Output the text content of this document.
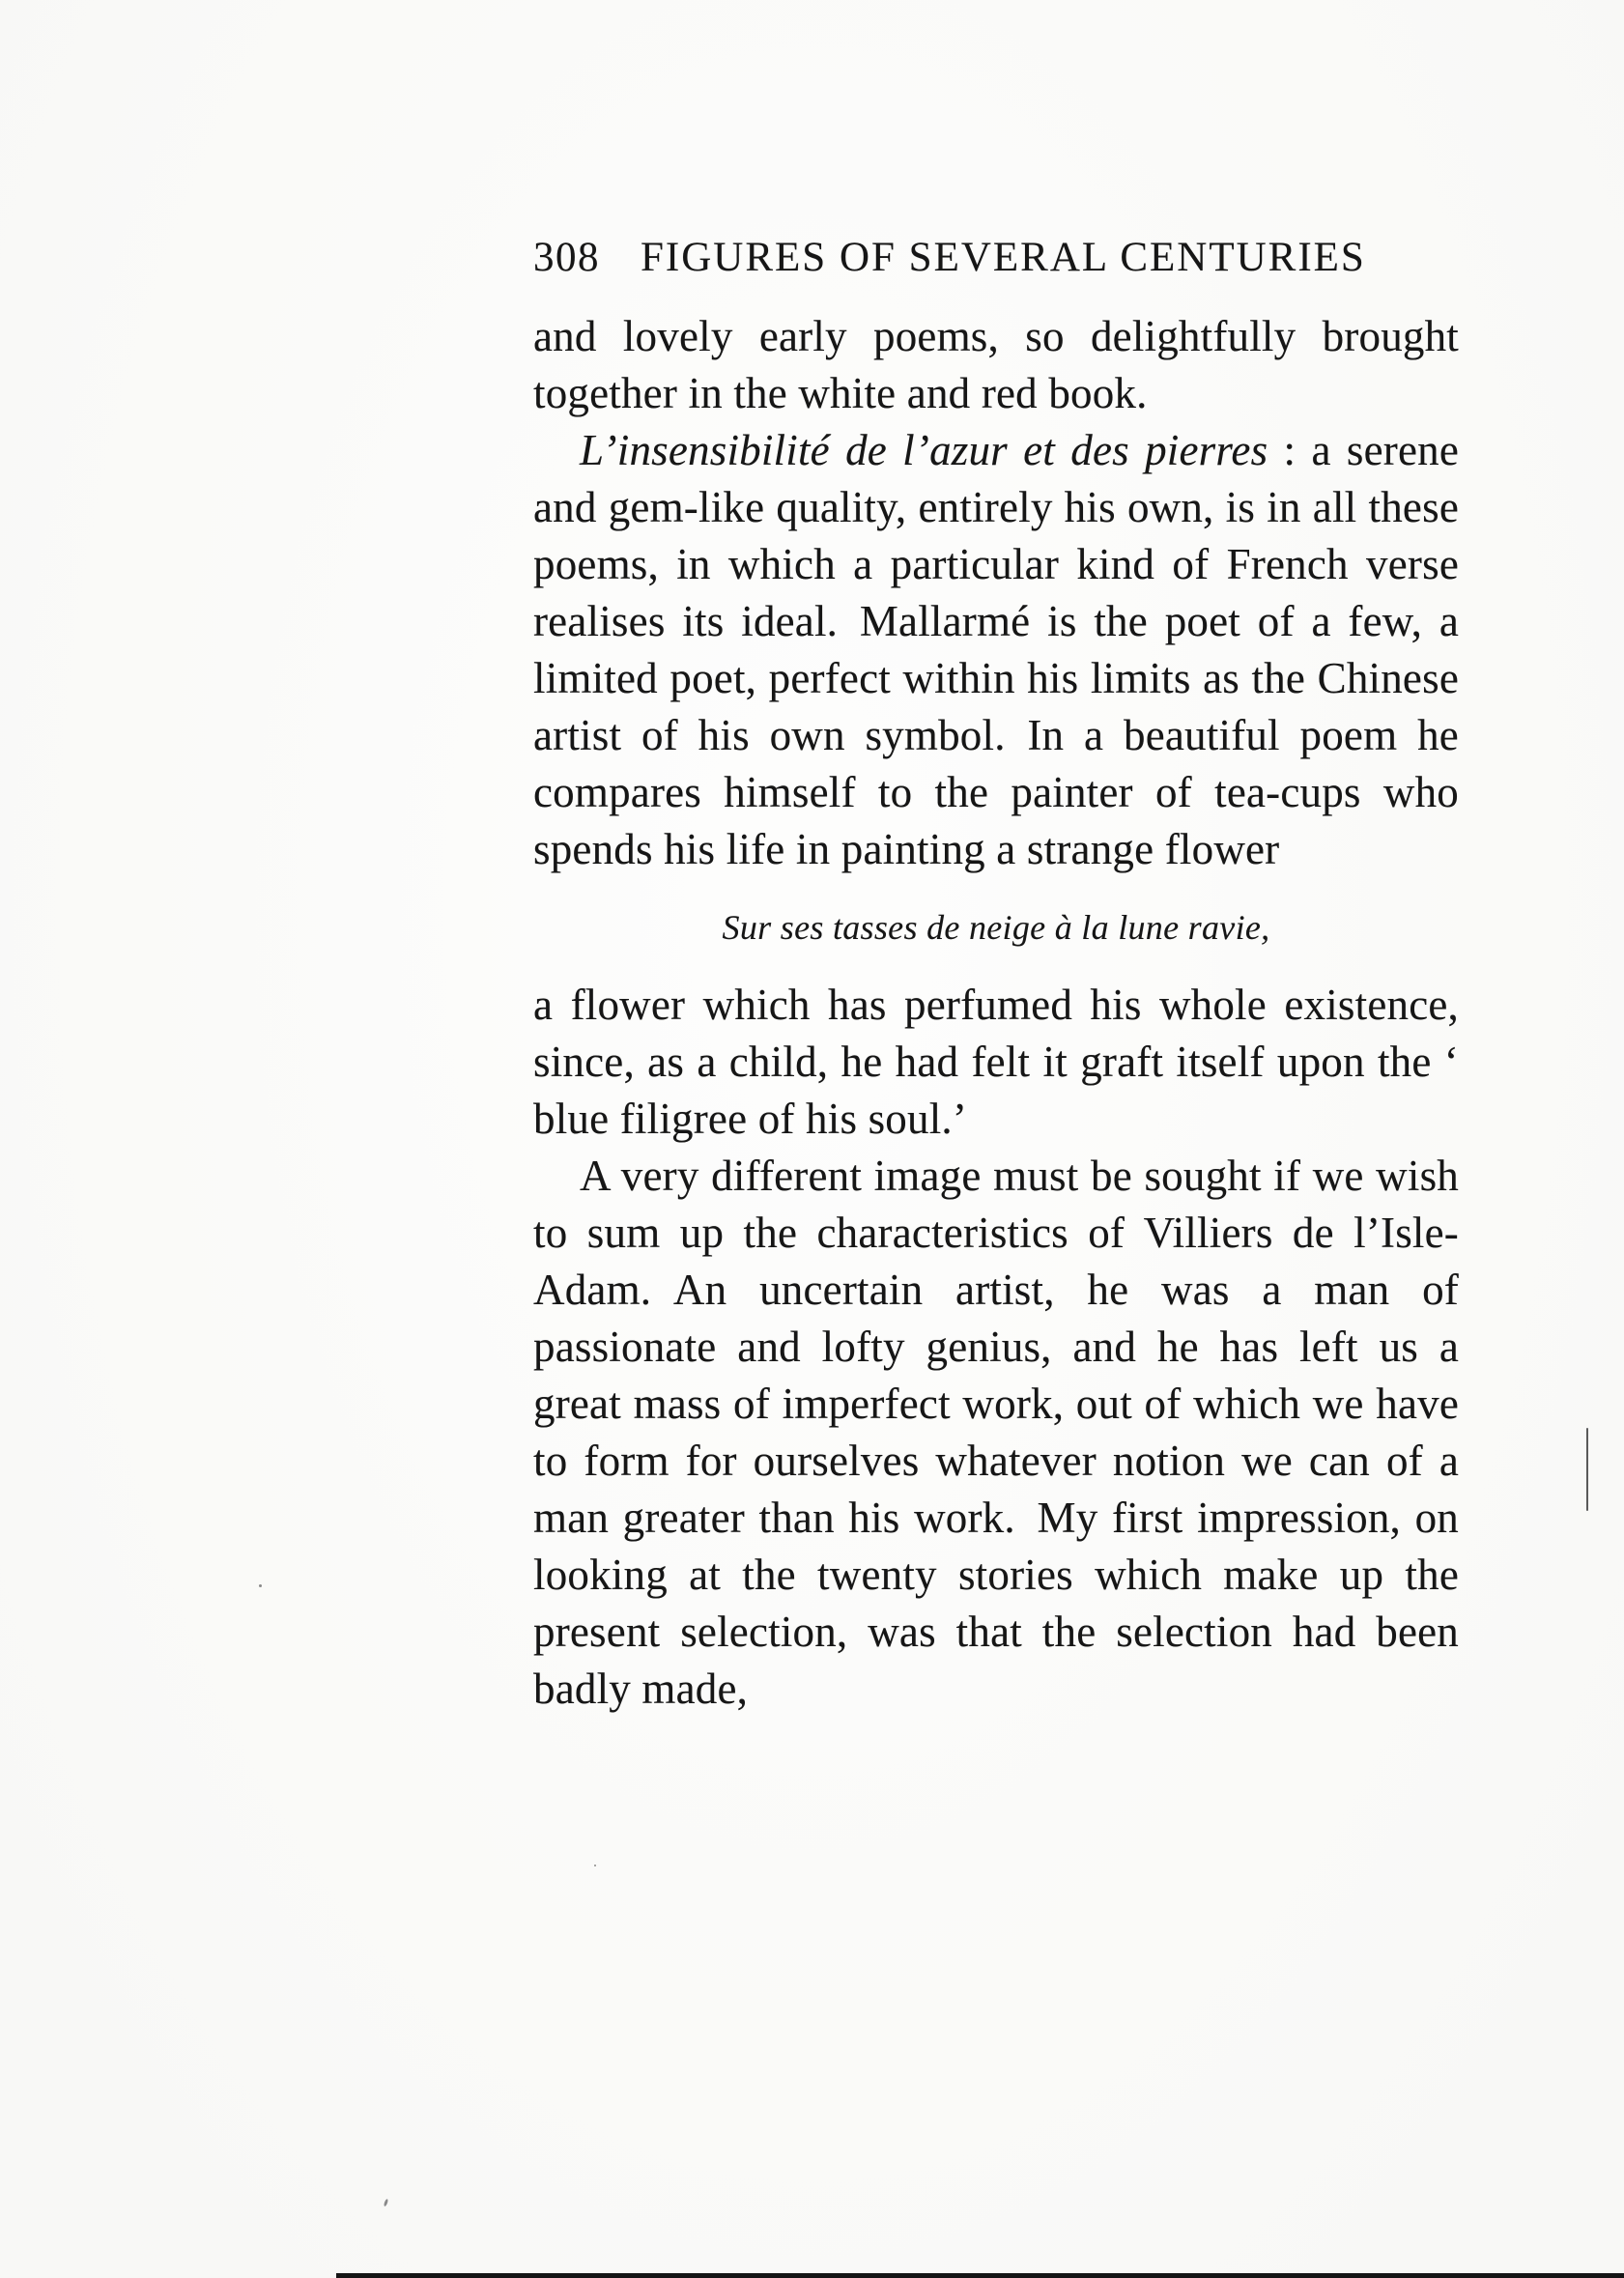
308 FIGURES OF SEVERAL CENTURIES

and lovely early poems, so delightfully brought together in the white and red book.

L’insensibilité de l’azur et des pierres : a serene and gem-like quality, entirely his own, is in all these poems, in which a particular kind of French verse realises its ideal. Mallarmé is the poet of a few, a limited poet, perfect within his limits as the Chinese artist of his own symbol. In a beautiful poem he compares himself to the painter of tea-cups who spends his life in painting a strange flower

Sur ses tasses de neige à la lune ravie,

a flower which has perfumed his whole existence, since, as a child, he had felt it graft itself upon the ‘ blue filigree of his soul.’

A very different image must be sought if we wish to sum up the characteristics of Villiers de l’Isle-Adam. An uncertain artist, he was a man of passionate and lofty genius, and he has left us a great mass of imperfect work, out of which we have to form for ourselves whatever notion we can of a man greater than his work. My first impression, on looking at the twenty stories which make up the present selection, was that the selection had been badly made,
